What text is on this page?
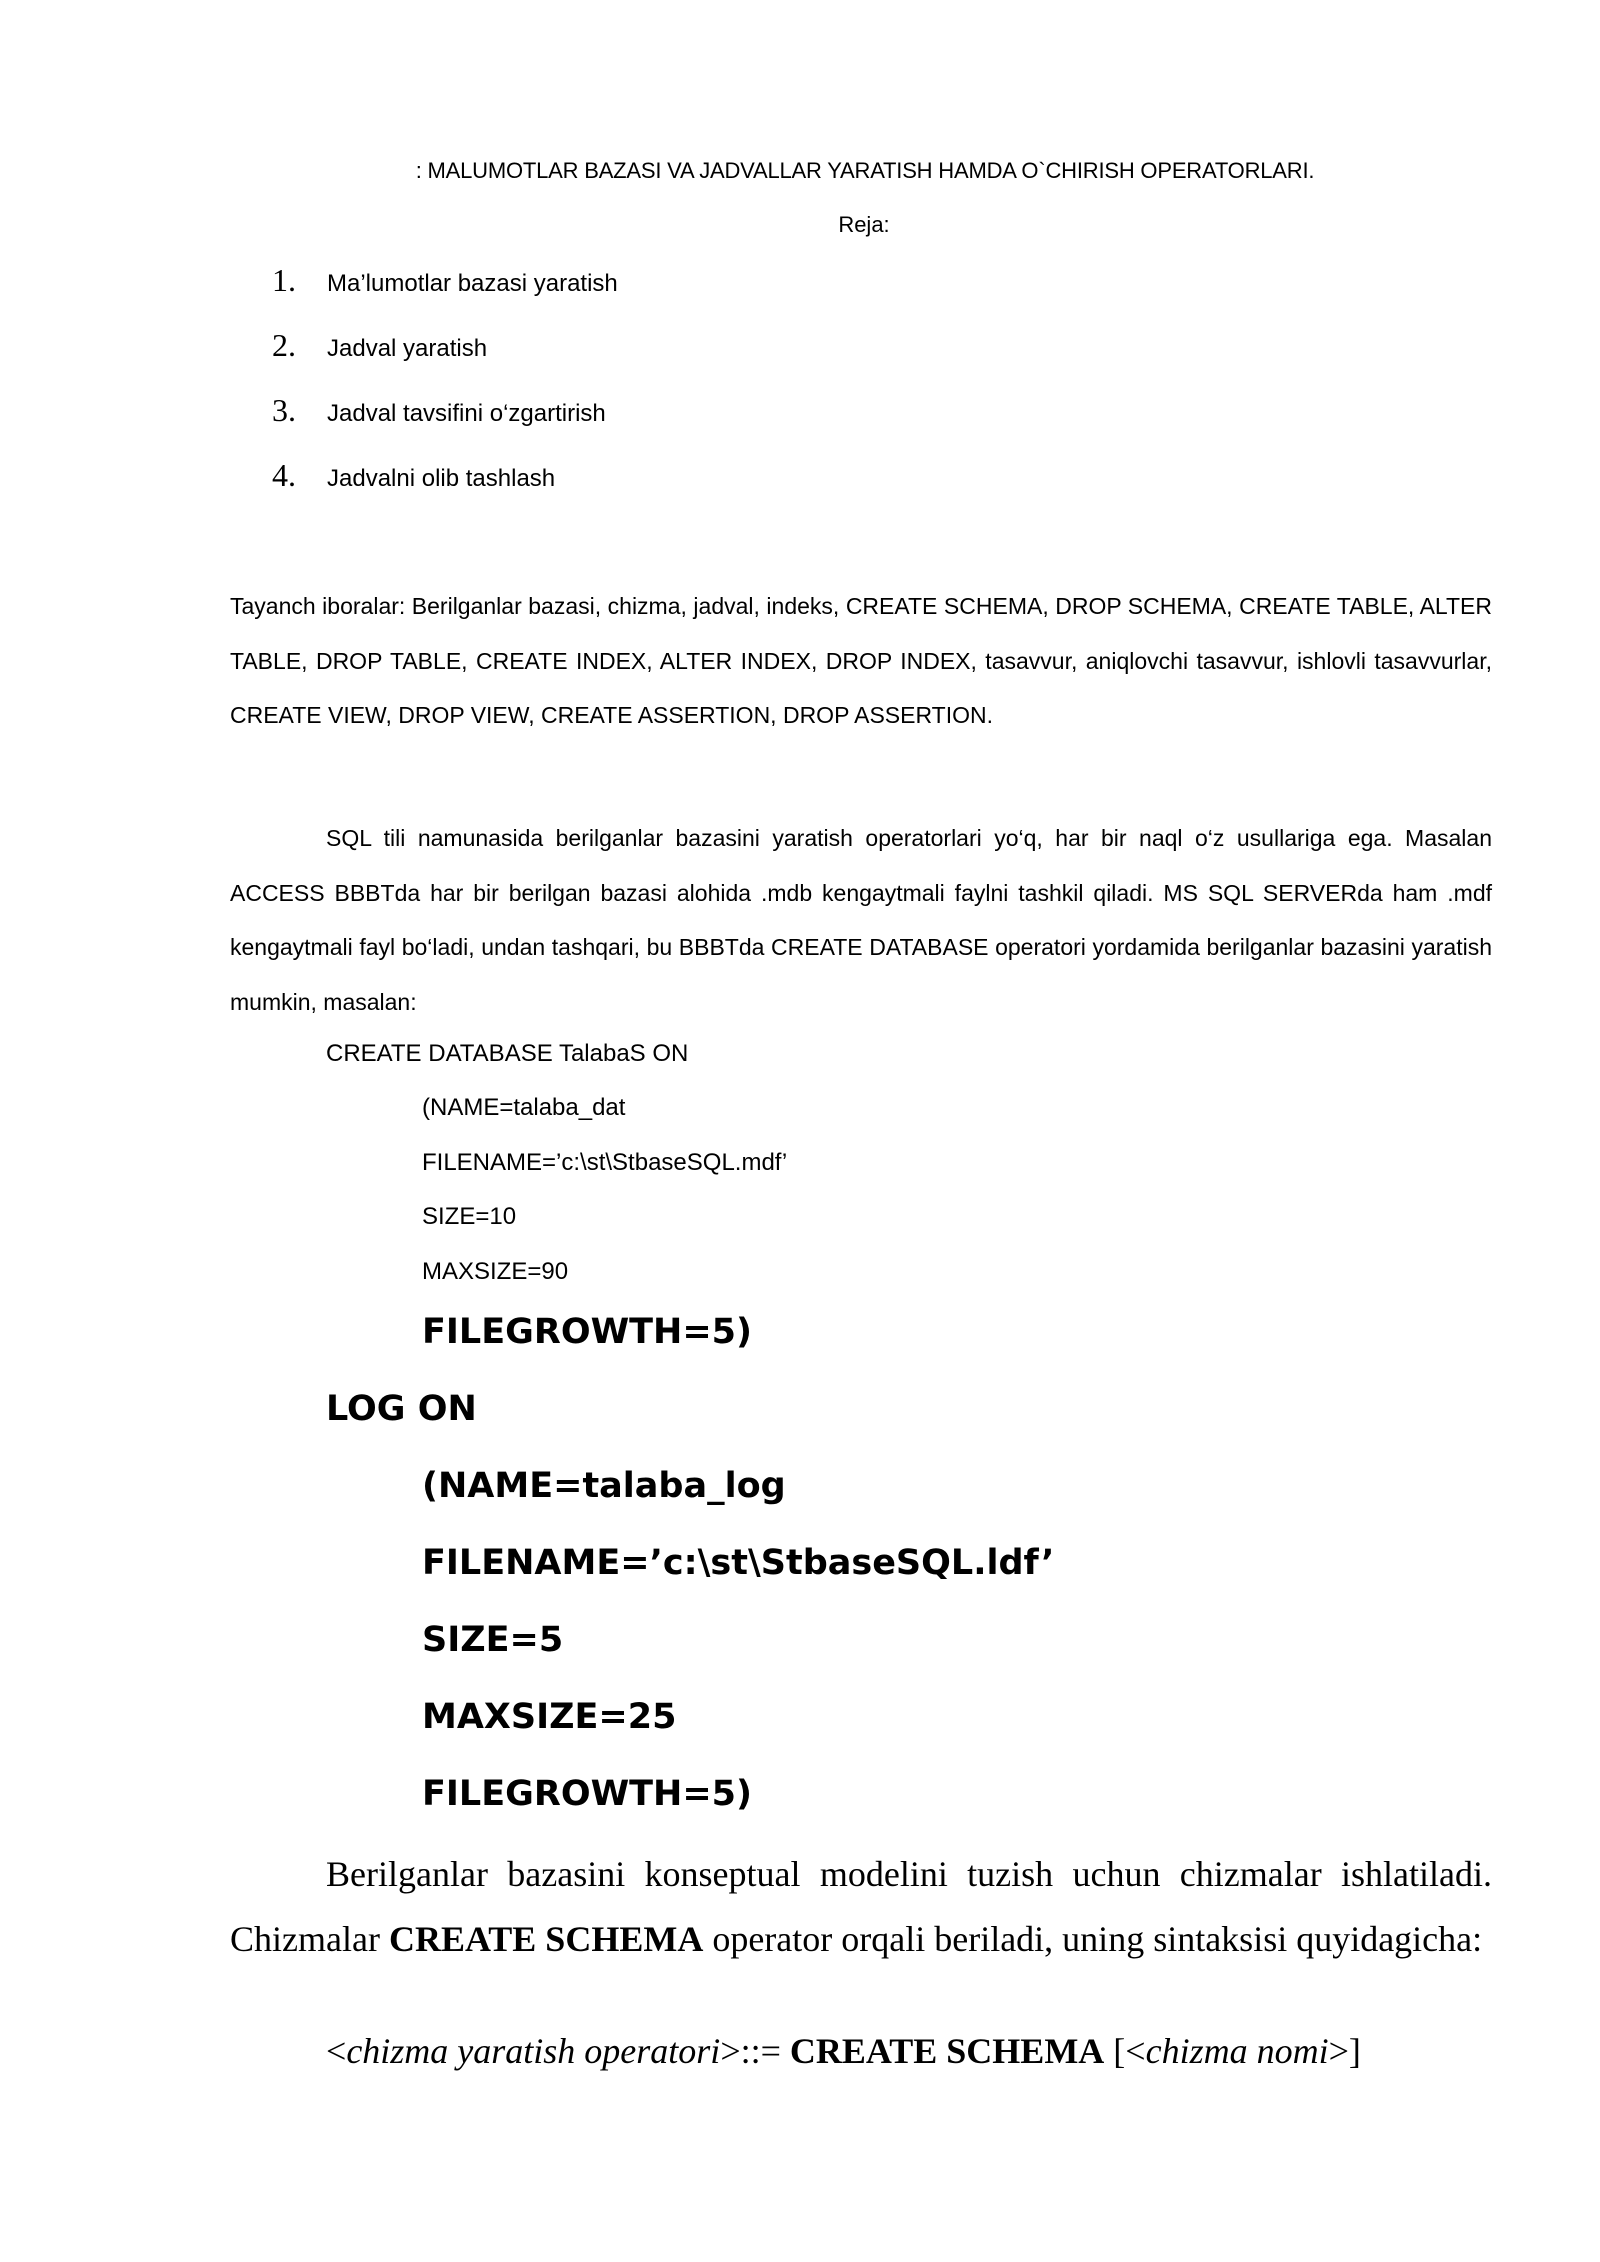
: MALUMOTLAR BAZASI VA JADVALLAR YARATISH HAMDA O`CHIRISH OPERATORLARI.
Reja:
1.	Ma’lumotlar bazasi yaratish
2.	Jadval yaratish
3.	Jadval tavsifini o‘zgartirish
4.	Jadvalni olib tashlash

Tayanch iboralar: Berilganlar bazasi, chizma, jadval, indeks, CREATE SCHEMA, DROP SCHEMA, CREATE TABLE, ALTER TABLE, DROP TABLE, CREATE INDEX, ALTER INDEX, DROP INDEX, tasavvur, aniqlovchi tasavvur, ishlovli tasavvurlar, CREATE VIEW, DROP VIEW, CREATE ASSERTION, DROP ASSERTION.

SQL tili namunasida berilganlar bazasini yaratish operatorlari yo‘q, har bir naql o‘z usullariga ega. Masalan ACCESS BBBTda har bir berilgan bazasi alohida .mdb kengaytmali faylni tashkil qiladi. MS SQL SERVERda ham .mdf kengaytmali fayl bo‘ladi, undan tashqari, bu BBBTda CREATE DATABASE operatori yordamida berilganlar bazasini yaratish mumkin, masalan:

CREATE DATABASE TalabaS ON
(NAME=talaba_dat
FILENAME=’c:\st\StbaseSQL.mdf’
SIZE=10
MAXSIZE=90
FILEGROWTH=5)
LOG ON
(NAME=talaba_log
FILENAME=’c:\st\StbaseSQL.ldf’
SIZE=5
MAXSIZE=25
FILEGROWTH=5)

Berilganlar bazasini konseptual modelini tuzish uchun chizmalar ishlatiladi. Chizmalar CREATE SCHEMA operator orqali beriladi, uning sintaksisi quyidagicha:

<chizma yaratish operatori>::= CREATE SCHEMA [<chizma nomi>]
